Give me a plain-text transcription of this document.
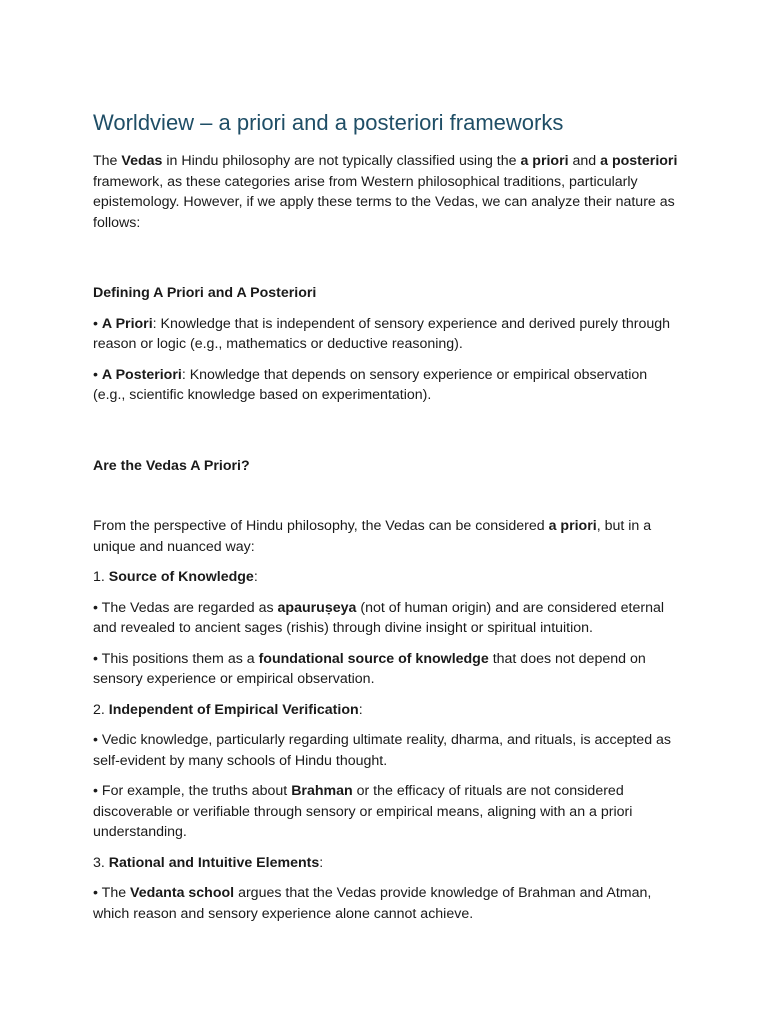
Worldview – a priori and a posteriori frameworks

The Vedas in Hindu philosophy are not typically classified using the a priori and a posteriori framework, as these categories arise from Western philosophical traditions, particularly epistemology. However, if we apply these terms to the Vedas, we can analyze their nature as follows:

Defining A Priori and A Posteriori

• A Priori: Knowledge that is independent of sensory experience and derived purely through reason or logic (e.g., mathematics or deductive reasoning).

• A Posteriori: Knowledge that depends on sensory experience or empirical observation (e.g., scientific knowledge based on experimentation).

Are the Vedas A Priori?

From the perspective of Hindu philosophy, the Vedas can be considered a priori, but in a unique and nuanced way:

1. Source of Knowledge:

• The Vedas are regarded as apauruṣeya (not of human origin) and are considered eternal and revealed to ancient sages (rishis) through divine insight or spiritual intuition.

• This positions them as a foundational source of knowledge that does not depend on sensory experience or empirical observation.

2. Independent of Empirical Verification:

• Vedic knowledge, particularly regarding ultimate reality, dharma, and rituals, is accepted as self-evident by many schools of Hindu thought.

• For example, the truths about Brahman or the efficacy of rituals are not considered discoverable or verifiable through sensory or empirical means, aligning with an a priori understanding.

3. Rational and Intuitive Elements:

• The Vedanta school argues that the Vedas provide knowledge of Brahman and Atman, which reason and sensory experience alone cannot achieve.
